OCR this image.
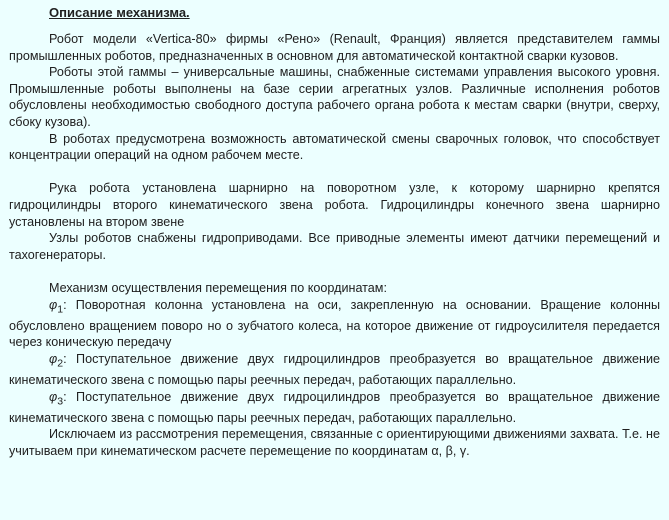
Описание механизма.

Робот модели «Vertica-80» фирмы «Рено» (Renault, Франция) является представителем гаммы промышленных роботов, предназначенных в основном для автоматической контактной сварки кузовов.

Роботы этой гаммы – универсальные машины, снабженные системами управления высокого уровня. Промышленные роботы выполнены на базе серии агрегатных узлов. Различные исполнения роботов обусловлены необходимостью свободного доступа рабочего органа робота к местам сварки (внутри, сверху, сбоку кузова).

В роботах предусмотрена возможность автоматической смены сварочных головок, что способствует концентрации операций на одном рабочем месте.

Рука робота установлена шарнирно на поворотном узле, к которому шарнирно крепятся гидроцилиндры второго кинематического звена робота. Гидроцилиндры конечного звена шарнирно установлены на втором звене

Узлы роботов снабжены гидроприводами. Все приводные элементы имеют датчики перемещений и тахогенераторы.

Механизм осуществления перемещения по координатам:

$\varphi_1$: Поворотная колонна установлена на оси, закрепленную на основании. Вращение колонны обусловлено вращением поворо но о зубчатого колеса, на которое движение от гидроусилителя передается через коническую передачу

$\varphi_2$: Поступательное движение двух гидроцилиндров преобразуется во вращательное движение кинематического звена с помощью пары реечных передач, работающих параллельно.

$\varphi_3$: Поступательное движение двух гидроцилиндров преобразуется во вращательное движение кинематического звена с помощью пары реечных передач, работающих параллельно.

Исключаем из рассмотрения перемещения, связанные с ориентирующими движениями захвата. Т.е. не учитываем при кинематическом расчете перемещение по координатам α, β, γ.
